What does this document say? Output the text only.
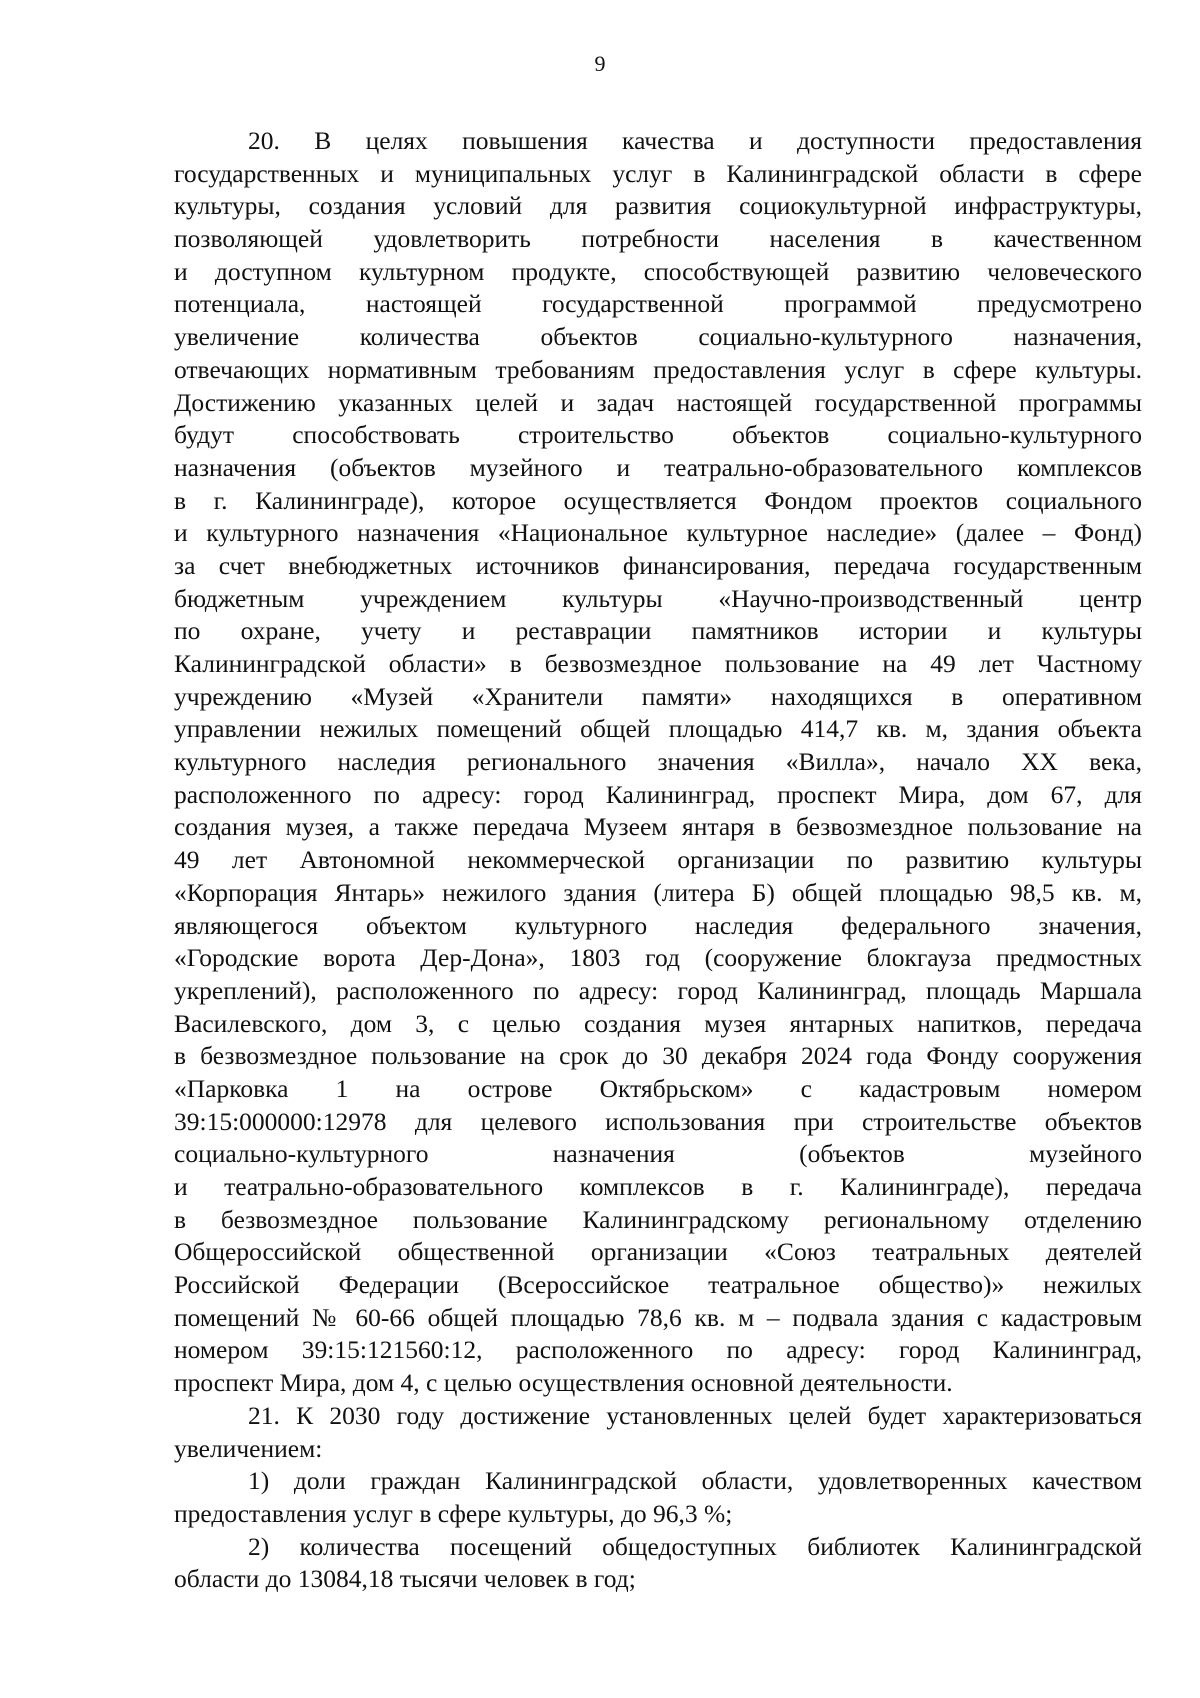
9
20. В целях повышения качества и доступности предоставления
государственных и муниципальных услуг в Калининградской области в сфере
культуры, создания условий для развития социокультурной инфраструктуры,
позволяющей удовлетворить потребности населения в качественном
и доступном культурном продукте, способствующей развитию человеческого
потенциала, настоящей государственной программой предусмотрено
увеличение количества объектов социально-культурного назначения,
отвечающих нормативным требованиям предоставления услуг в сфере культуры.
Достижению указанных целей и задач настоящей государственной программы
будут способствовать строительство объектов социально-культурного
назначения (объектов музейного и театрально-образовательного комплексов
в г. Калининграде), которое осуществляется Фондом проектов социального
и культурного назначения «Национальное культурное наследие» (далее – Фонд)
за счет внебюджетных источников финансирования, передача государственным
бюджетным учреждением культуры «Научно-производственный центр
по охране, учету и реставрации памятников истории и культуры
Калининградской области» в безвозмездное пользование на 49 лет Частному
учреждению «Музей «Хранители памяти» находящихся в оперативном
управлении нежилых помещений общей площадью 414,7 кв. м, здания объекта
культурного наследия регионального значения «Вилла», начало XX века,
расположенного по адресу: город Калининград, проспект Мира, дом 67, для
создания музея, а также передача Музеем янтаря в безвозмездное пользование на
49 лет Автономной некоммерческой организации по развитию культуры
«Корпорация Янтарь» нежилого здания (литера Б) общей площадью 98,5 кв. м,
являющегося объектом культурного наследия федерального значения,
«Городские ворота Дер-Дона», 1803 год (сооружение блокгауза предмостных
укреплений), расположенного по адресу: город Калининград, площадь Маршала
Василевского, дом 3, с целью создания музея янтарных напитков, передача
в безвозмездное пользование на срок до 30 декабря 2024 года Фонду сооружения
«Парковка 1 на острове Октябрьском» с кадастровым номером
39:15:000000:12978 для целевого использования при строительстве объектов
социально-культурного назначения (объектов музейного
и театрально-образовательного комплексов в г. Калининграде), передача
в безвозмездное пользование Калининградскому региональному отделению
Общероссийской общественной организации «Союз театральных деятелей
Российской Федерации (Всероссийское театральное общество)» нежилых
помещений № 60-66 общей площадью 78,6 кв. м – подвала здания с кадастровым
номером 39:15:121560:12, расположенного по адресу: город Калининград,
проспект Мира, дом 4, с целью осуществления основной деятельности.
21. К 2030 году достижение установленных целей будет характеризоваться
увеличением:
1) доли граждан Калининградской области, удовлетворенных качеством
предоставления услуг в сфере культуры, до 96,3 %;
2) количества посещений общедоступных библиотек Калининградской
области до 13084,18 тысячи человек в год;
